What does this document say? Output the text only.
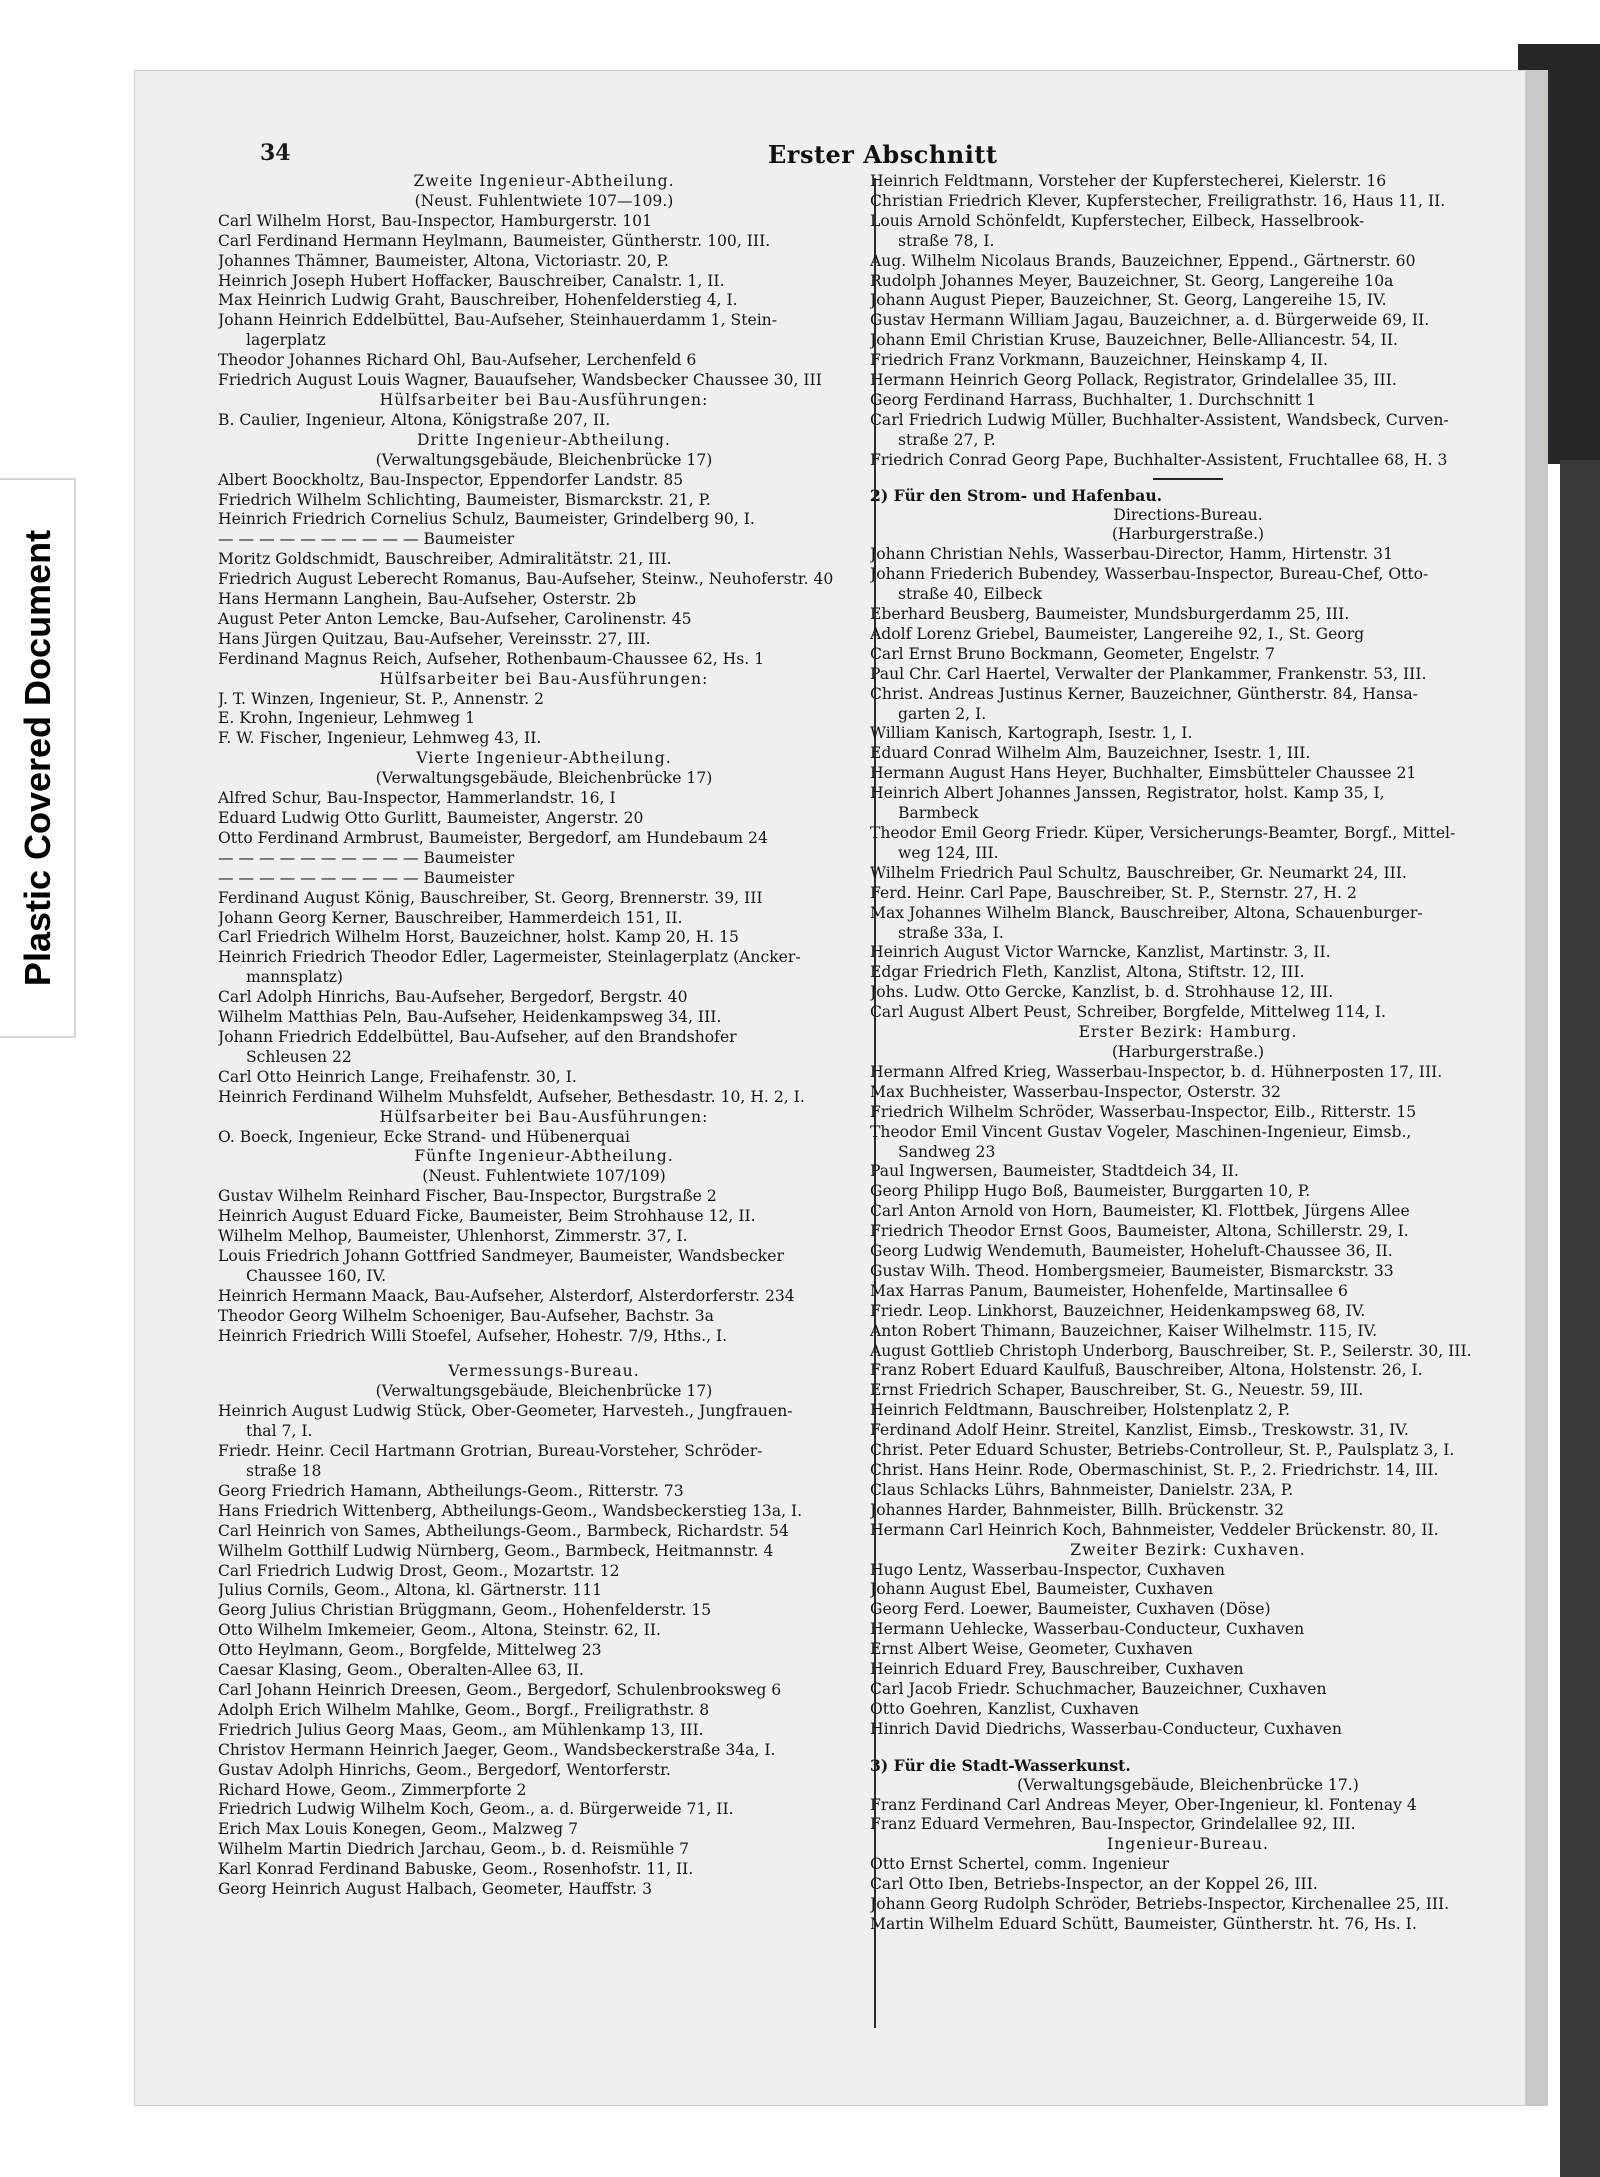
Plastic Covered Document
34	Erster Abschnitt
Zweite Ingenieur-Abtheilung.
(Neust. Fuhlentwiete 107—109.)
Carl Wilhelm Horst, Bau-Inspector, Hamburgerstr. 101
Carl Ferdinand Hermann Heylmann, Baumeister, Güntherstr. 100, III.
Johannes Thämner, Baumeister, Altona, Victoriastr. 20, P.
Heinrich Joseph Hubert Hoffacker, Bauschreiber, Canalstr. 1, II.
Max Heinrich Ludwig Graht, Bauschreiber, Hohenfelderstieg 4, I.
Johann Heinrich Eddelbüttel, Bau-Aufseher, Steinhauerdamm 1, Stein-
lagerplatz
Theodor Johannes Richard Ohl, Bau-Aufseher, Lerchenfeld 6
Friedrich August Louis Wagner, Bauaufseher, Wandsbecker Chaussee 30, III
Hülfsarbeiter bei Bau-Ausführungen:
B. Caulier, Ingenieur, Altona, Königstraße 207, II.
Dritte Ingenieur-Abtheilung.
(Verwaltungsgebäude, Bleichenbrücke 17)
Albert Boockholtz, Bau-Inspector, Eppendorfer Landstr. 85
Friedrich Wilhelm Schlichting, Baumeister, Bismarckstr. 21, P.
Heinrich Friedrich Cornelius Schulz, Baumeister, Grindelberg 90, I.
— — — — — — — — — — Baumeister
Moritz Goldschmidt, Bauschreiber, Admiralitätstr. 21, III.
Friedrich August Leberecht Romanus, Bau-Aufseher, Steinw., Neuhoferstr. 40
Hans Hermann Langhein, Bau-Aufseher, Osterstr. 2b
August Peter Anton Lemcke, Bau-Aufseher, Carolinenstr. 45
Hans Jürgen Quitzau, Bau-Aufseher, Vereinsstr. 27, III.
Ferdinand Magnus Reich, Aufseher, Rothenbaum-Chaussee 62, Hs. 1
Hülfsarbeiter bei Bau-Ausführungen:
J. T. Winzen, Ingenieur, St. P., Annenstr. 2
E. Krohn, Ingenieur, Lehmweg 1
F. W. Fischer, Ingenieur, Lehmweg 43, II.
Vierte Ingenieur-Abtheilung.
(Verwaltungsgebäude, Bleichenbrücke 17)
Alfred Schur, Bau-Inspector, Hammerlandstr. 16, I
Eduard Ludwig Otto Gurlitt, Baumeister, Angerstr. 20
Otto Ferdinand Armbrust, Baumeister, Bergedorf, am Hundebaum 24
— — — — — — — — — — Baumeister
— — — — — — — — — — Baumeister
Ferdinand August König, Bauschreiber, St. Georg, Brennerstr. 39, III
Johann Georg Kerner, Bauschreiber, Hammerdeich 151, II.
Carl Friedrich Wilhelm Horst, Bauzeichner, holst. Kamp 20, H. 15
Heinrich Friedrich Theodor Edler, Lagermeister, Steinlagerplatz (Ancker-
mannsplatz)
Carl Adolph Hinrichs, Bau-Aufseher, Bergedorf, Bergstr. 40
Wilhelm Matthias Peln, Bau-Aufseher, Heidenkampsweg 34, III.
Johann Friedrich Eddelbüttel, Bau-Aufseher, auf den Brandshofer
Schleusen 22
Carl Otto Heinrich Lange, Freihafenstr. 30, I.
Heinrich Ferdinand Wilhelm Muhsfeldt, Aufseher, Bethesdastr. 10, H. 2, I.
Hülfsarbeiter bei Bau-Ausführungen:
O. Boeck, Ingenieur, Ecke Strand- und Hübenerquai
Fünfte Ingenieur-Abtheilung.
(Neust. Fuhlentwiete 107/109)
Gustav Wilhelm Reinhard Fischer, Bau-Inspector, Burgstraße 2
Heinrich August Eduard Ficke, Baumeister, Beim Strohhause 12, II.
Wilhelm Melhop, Baumeister, Uhlenhorst, Zimmerstr. 37, I.
Louis Friedrich Johann Gottfried Sandmeyer, Baumeister, Wandsbecker
Chaussee 160, IV.
Heinrich Hermann Maack, Bau-Aufseher, Alsterdorf, Alsterdorferstr. 234
Theodor Georg Wilhelm Schoeniger, Bau-Aufseher, Bachstr. 3a
Heinrich Friedrich Willi Stoefel, Aufseher, Hohestr. 7/9, Hths., I.
Vermessungs-Bureau.
(Verwaltungsgebäude, Bleichenbrücke 17)
Heinrich August Ludwig Stück, Ober-Geometer, Harvesteh., Jungfrauen-
thal 7, I.
Friedr. Heinr. Cecil Hartmann Grotrian, Bureau-Vorsteher, Schröder-
straße 18
Georg Friedrich Hamann, Abtheilungs-Geom., Ritterstr. 73
Hans Friedrich Wittenberg, Abtheilungs-Geom., Wandsbeckerstieg 13a, I.
Carl Heinrich von Sames, Abtheilungs-Geom., Barmbeck, Richardstr. 54
Wilhelm Gotthilf Ludwig Nürnberg, Geom., Barmbeck, Heitmannstr. 4
Carl Friedrich Ludwig Drost, Geom., Mozartstr. 12
Julius Cornils, Geom., Altona, kl. Gärtnerstr. 111
Georg Julius Christian Brüggmann, Geom., Hohenfelderstr. 15
Otto Wilhelm Imkemeier, Geom., Altona, Steinstr. 62, II.
Otto Heylmann, Geom., Borgfelde, Mittelweg 23
Caesar Klasing, Geom., Oberalten-Allee 63, II.
Carl Johann Heinrich Dreesen, Geom., Bergedorf, Schulenbrooksweg 6
Adolph Erich Wilhelm Mahlke, Geom., Borgf., Freiligrathstr. 8
Friedrich Julius Georg Maas, Geom., am Mühlenkamp 13, III.
Christov Hermann Heinrich Jaeger, Geom., Wandsbeckerstraße 34a, I.
Gustav Adolph Hinrichs, Geom., Bergedorf, Wentorferstr.
Richard Howe, Geom., Zimmerpforte 2
Friedrich Ludwig Wilhelm Koch, Geom., a. d. Bürgerweide 71, II.
Erich Max Louis Konegen, Geom., Malzweg 7
Wilhelm Martin Diedrich Jarchau, Geom., b. d. Reismühle 7
Karl Konrad Ferdinand Babuske, Geom., Rosenhofstr. 11, II.
Georg Heinrich August Halbach, Geometer, Hauffstr. 3
Heinrich Feldtmann, Vorsteher der Kupferstecherei, Kielerstr. 16
Christian Friedrich Klever, Kupferstecher, Freiligrathstr. 16, Haus 11, II.
Louis Arnold Schönfeldt, Kupferstecher, Eilbeck, Hasselbrook-
straße 78, I.
Aug. Wilhelm Nicolaus Brands, Bauzeichner, Eppend., Gärtnerstr. 60
Rudolph Johannes Meyer, Bauzeichner, St. Georg, Langereihe 10a
Johann August Pieper, Bauzeichner, St. Georg, Langereihe 15, IV.
Gustav Hermann William Jagau, Bauzeichner, a. d. Bürgerweide 69, II.
Johann Emil Christian Kruse, Bauzeichner, Belle-Alliancestr. 54, II.
Friedrich Franz Vorkmann, Bauzeichner, Heinskamp 4, II.
Hermann Heinrich Georg Pollack, Registrator, Grindelallee 35, III.
Georg Ferdinand Harrass, Buchhalter, 1. Durchschnitt 1
Carl Friedrich Ludwig Müller, Buchhalter-Assistent, Wandsbeck, Curven-
straße 27, P.
Friedrich Conrad Georg Pape, Buchhalter-Assistent, Fruchtallee 68, H. 3
2) Für den Strom- und Hafenbau.
Directions-Bureau.
(Harburgerstraße.)
Johann Christian Nehls, Wasserbau-Director, Hamm, Hirtenstr. 31
Johann Friederich Bubendey, Wasserbau-Inspector, Bureau-Chef, Otto-
straße 40, Eilbeck
Eberhard Beusberg, Baumeister, Mundsburgerdamm 25, III.
Adolf Lorenz Griebel, Baumeister, Langereihe 92, I., St. Georg
Carl Ernst Bruno Bockmann, Geometer, Engelstr. 7
Paul Chr. Carl Haertel, Verwalter der Plankammer, Frankenstr. 53, III.
Christ. Andreas Justinus Kerner, Bauzeichner, Güntherstr. 84, Hansa-
garten 2, I.
William Kanisch, Kartograph, Isestr. 1, I.
Eduard Conrad Wilhelm Alm, Bauzeichner, Isestr. 1, III.
Hermann August Hans Heyer, Buchhalter, Eimsbütteler Chaussee 21
Heinrich Albert Johannes Janssen, Registrator, holst. Kamp 35, I,
Barmbeck
Theodor Emil Georg Friedr. Küper, Versicherungs-Beamter, Borgf., Mittel-
weg 124, III.
Wilhelm Friedrich Paul Schultz, Bauschreiber, Gr. Neumarkt 24, III.
Ferd. Heinr. Carl Pape, Bauschreiber, St. P., Sternstr. 27, H. 2
Max Johannes Wilhelm Blanck, Bauschreiber, Altona, Schauenburger-
straße 33a, I.
Heinrich August Victor Warncke, Kanzlist, Martinstr. 3, II.
Edgar Friedrich Fleth, Kanzlist, Altona, Stiftstr. 12, III.
Johs. Ludw. Otto Gercke, Kanzlist, b. d. Strohhause 12, III.
Carl August Albert Peust, Schreiber, Borgfelde, Mittelweg 114, I.
Erster Bezirk: Hamburg.
(Harburgerstraße.)
Hermann Alfred Krieg, Wasserbau-Inspector, b. d. Hühnerposten 17, III.
Max Buchheister, Wasserbau-Inspector, Osterstr. 32
Friedrich Wilhelm Schröder, Wasserbau-Inspector, Eilb., Ritterstr. 15
Theodor Emil Vincent Gustav Vogeler, Maschinen-Ingenieur, Eimsb.,
Sandweg 23
Paul Ingwersen, Baumeister, Stadtdeich 34, II.
Georg Philipp Hugo Boß, Baumeister, Burggarten 10, P.
Carl Anton Arnold von Horn, Baumeister, Kl. Flottbek, Jürgens Allee
Friedrich Theodor Ernst Goos, Baumeister, Altona, Schillerstr. 29, I.
Georg Ludwig Wendemuth, Baumeister, Hoheluft-Chaussee 36, II.
Gustav Wilh. Theod. Hombergsmeier, Baumeister, Bismarckstr. 33
Max Harras Panum, Baumeister, Hohenfelde, Martinsallee 6
Friedr. Leop. Linkhorst, Bauzeichner, Heidenkampsweg 68, IV.
Anton Robert Thimann, Bauzeichner, Kaiser Wilhelmstr. 115, IV.
August Gottlieb Christoph Underborg, Bauschreiber, St. P., Seilerstr. 30, III.
Franz Robert Eduard Kaulfuß, Bauschreiber, Altona, Holstenstr. 26, I.
Ernst Friedrich Schaper, Bauschreiber, St. G., Neuestr. 59, III.
Heinrich Feldtmann, Bauschreiber, Holstenplatz 2, P.
Ferdinand Adolf Heinr. Streitel, Kanzlist, Eimsb., Treskowstr. 31, IV.
Christ. Peter Eduard Schuster, Betriebs-Controlleur, St. P., Paulsplatz 3, I.
Christ. Hans Heinr. Rode, Obermaschinist, St. P., 2. Friedrichstr. 14, III.
Claus Schlacks Lührs, Bahnmeister, Danielstr. 23A, P.
Johannes Harder, Bahnmeister, Billh. Brückenstr. 32
Hermann Carl Heinrich Koch, Bahnmeister, Veddeler Brückenstr. 80, II.
Zweiter Bezirk: Cuxhaven.
Hugo Lentz, Wasserbau-Inspector, Cuxhaven
Johann August Ebel, Baumeister, Cuxhaven
Georg Ferd. Loewer, Baumeister, Cuxhaven (Döse)
Hermann Uehlecke, Wasserbau-Conducteur, Cuxhaven
Ernst Albert Weise, Geometer, Cuxhaven
Heinrich Eduard Frey, Bauschreiber, Cuxhaven
Carl Jacob Friedr. Schuchmacher, Bauzeichner, Cuxhaven
Otto Goehren, Kanzlist, Cuxhaven
Hinrich David Diedrichs, Wasserbau-Conducteur, Cuxhaven
3) Für die Stadt-Wasserkunst.
(Verwaltungsgebäude, Bleichenbrücke 17.)
Franz Ferdinand Carl Andreas Meyer, Ober-Ingenieur, kl. Fontenay 4
Franz Eduard Vermehren, Bau-Inspector, Grindelallee 92, III.
Ingenieur-Bureau.
Otto Ernst Schertel, comm. Ingenieur
Carl Otto Iben, Betriebs-Inspector, an der Koppel 26, III.
Johann Georg Rudolph Schröder, Betriebs-Inspector, Kirchenallee 25, III.
Martin Wilhelm Eduard Schütt, Baumeister, Güntherstr. ht. 76, Hs. I.
